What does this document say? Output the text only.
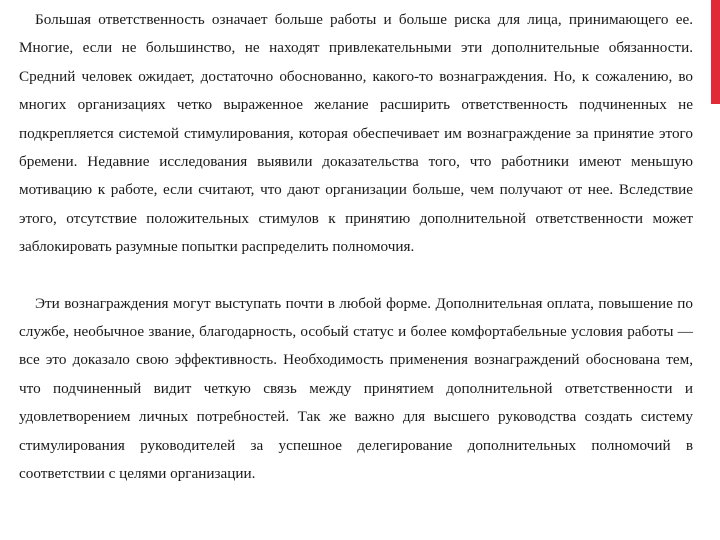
Большая ответственность означает больше работы и больше риска для лица, принимающего ее. Многие, если не большинство, не находят привлекательными эти дополнительные обязанности. Средний человек ожидает, достаточно обоснованно, какого-то вознаграждения. Но, к сожалению, во многих организациях четко выраженное желание расширить ответственность подчиненных не подкрепляется системой стимулирования, которая обеспечивает им вознаграждение за принятие этого бремени. Недавние исследования выявили доказательства того, что работники имеют меньшую мотивацию к работе, если считают, что дают организации больше, чем получают от нее. Вследствие этого, отсутствие положительных стимулов к принятию дополнительной ответственности может заблокировать разумные попытки распределить полномочия.

Эти вознаграждения могут выступать почти в любой форме. Дополнительная оплата, повышение по службе, необычное звание, благодарность, особый статус и более комфортабельные условия работы — все это доказало свою эффективность. Необходимость применения вознаграждений обоснована тем, что подчиненный видит четкую связь между принятием дополнительной ответственности и удовлетворением личных потребностей. Так же важно для высшего руководства создать систему стимулирования руководителей за успешное делегирование дополнительных полномочий в соответствии с целями организации.
